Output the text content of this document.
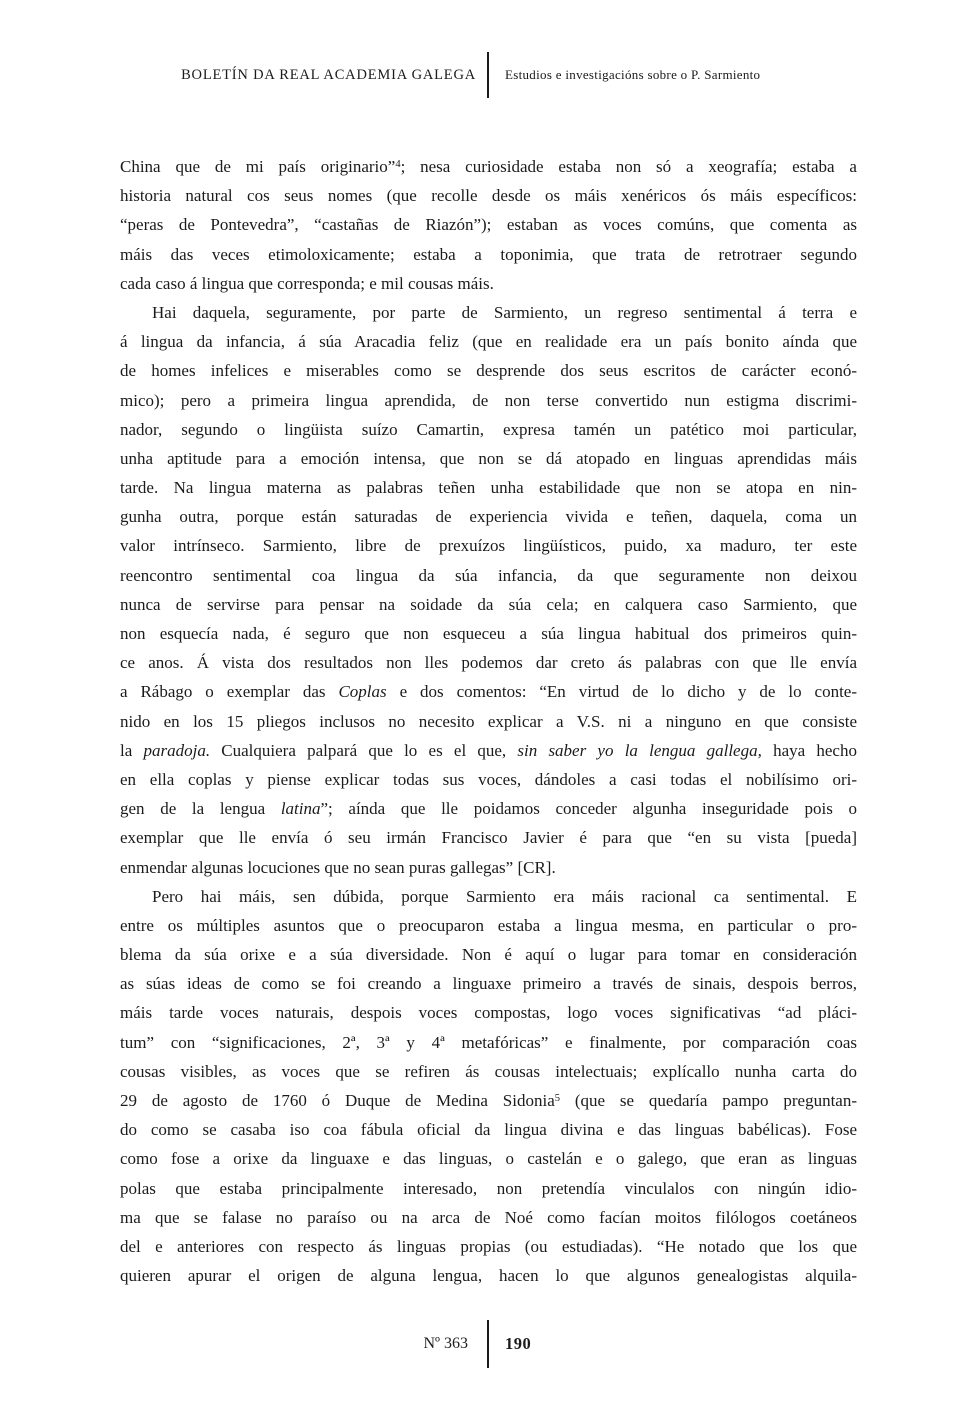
BOLETÍN DA REAL ACADEMIA GALEGA	Estudios e investigacións sobre o P. Sarmiento
China que de mi país originario”$^4$; nesa curiosidade estaba non só a xeografía; estaba a
historia natural cos seus nomes (que recolle desde os máis xenéricos ós máis específicos:
“peras de Pontevedra”, “castañas de Riazón”); estaban as voces comúns, que comenta as
máis das veces etimoloxicamente; estaba a toponimia, que trata de retrotraer segundo
cada caso á lingua que corresponda; e mil cousas máis.
Hai daquela, seguramente, por parte de Sarmiento, un regreso sentimental á terra e
á lingua da infancia, á súa Aracadia feliz (que en realidade era un país bonito aínda que
de homes infelices e miserables como se desprende dos seus escritos de carácter econó-
mico); pero a primeira lingua aprendida, de non terse convertido nun estigma discrimi-
nador, segundo o lingüista suízo Camartin, expresa tamén un patético moi particular,
unha aptitude para a emoción intensa, que non se dá atopado en linguas aprendidas máis
tarde. Na lingua materna as palabras teñen unha estabilidade que non se atopa en nin-
gunha outra, porque están saturadas de experiencia vivida e teñen, daquela, coma un
valor intrínseco. Sarmiento, libre de prexuízos lingüísticos, puido, xa maduro, ter este
reencontro sentimental coa lingua da súa infancia, da que seguramente non deixou
nunca de servirse para pensar na soidade da súa cela; en calquera caso Sarmiento, que
non esquecía nada, é seguro que non esqueceu a súa lingua habitual dos primeiros quin-
ce anos. Á vista dos resultados non lles podemos dar creto ás palabras con que lle envía
a Rábago o exemplar das Coplas e dos comentos: “En virtud de lo dicho y de lo conte-
nido en los 15 pliegos inclusos no necesito explicar a V.S. ni a ninguno en que consiste
la paradoja. Cualquiera palpará que lo es el que, sin saber yo la lengua gallega, haya hecho
en ella coplas y piense explicar todas sus voces, dándoles a casi todas el nobilísimo ori-
gen de la lengua latina”; aínda que lle poidamos conceder algunha inseguridade pois o
exemplar que lle envía ó seu irmán Francisco Javier é para que “en su vista [pueda]
enmendar algunas locuciones que no sean puras gallegas” [CR].
Pero hai máis, sen dúbida, porque Sarmiento era máis racional ca sentimental. E
entre os múltiples asuntos que o preocuparon estaba a lingua mesma, en particular o pro-
blema da súa orixe e a súa diversidade. Non é aquí o lugar para tomar en consideración
as súas ideas de como se foi creando a linguaxe primeiro a través de sinais, despois berros,
máis tarde voces naturais, despois voces compostas, logo voces significativas “ad pláci-
tum” con “significaciones, 2ª, 3ª y 4ª metafóricas” e finalmente, por comparación coas
cousas visibles, as voces que se refiren ás cousas intelectuais; explícallo nunha carta do
29 de agosto de 1760 ó Duque de Medina Sidonia$^5$ (que se quedaría pampo preguntan-
do como se casaba iso coa fábula oficial da lingua divina e das linguas babélicas). Fose
como fose a orixe da linguaxe e das linguas, o castelán e o galego, que eran as linguas
polas que estaba principalmente interesado, non pretendía vinculalos con ningún idio-
ma que se falase no paraíso ou na arca de Noé como facían moitos filólogos coetáneos
del e anteriores con respecto ás linguas propias (ou estudiadas). “He notado que los que
quieren apurar el origen de alguna lengua, hacen lo que algunos genealogistas alquila-
Nº 363	190
